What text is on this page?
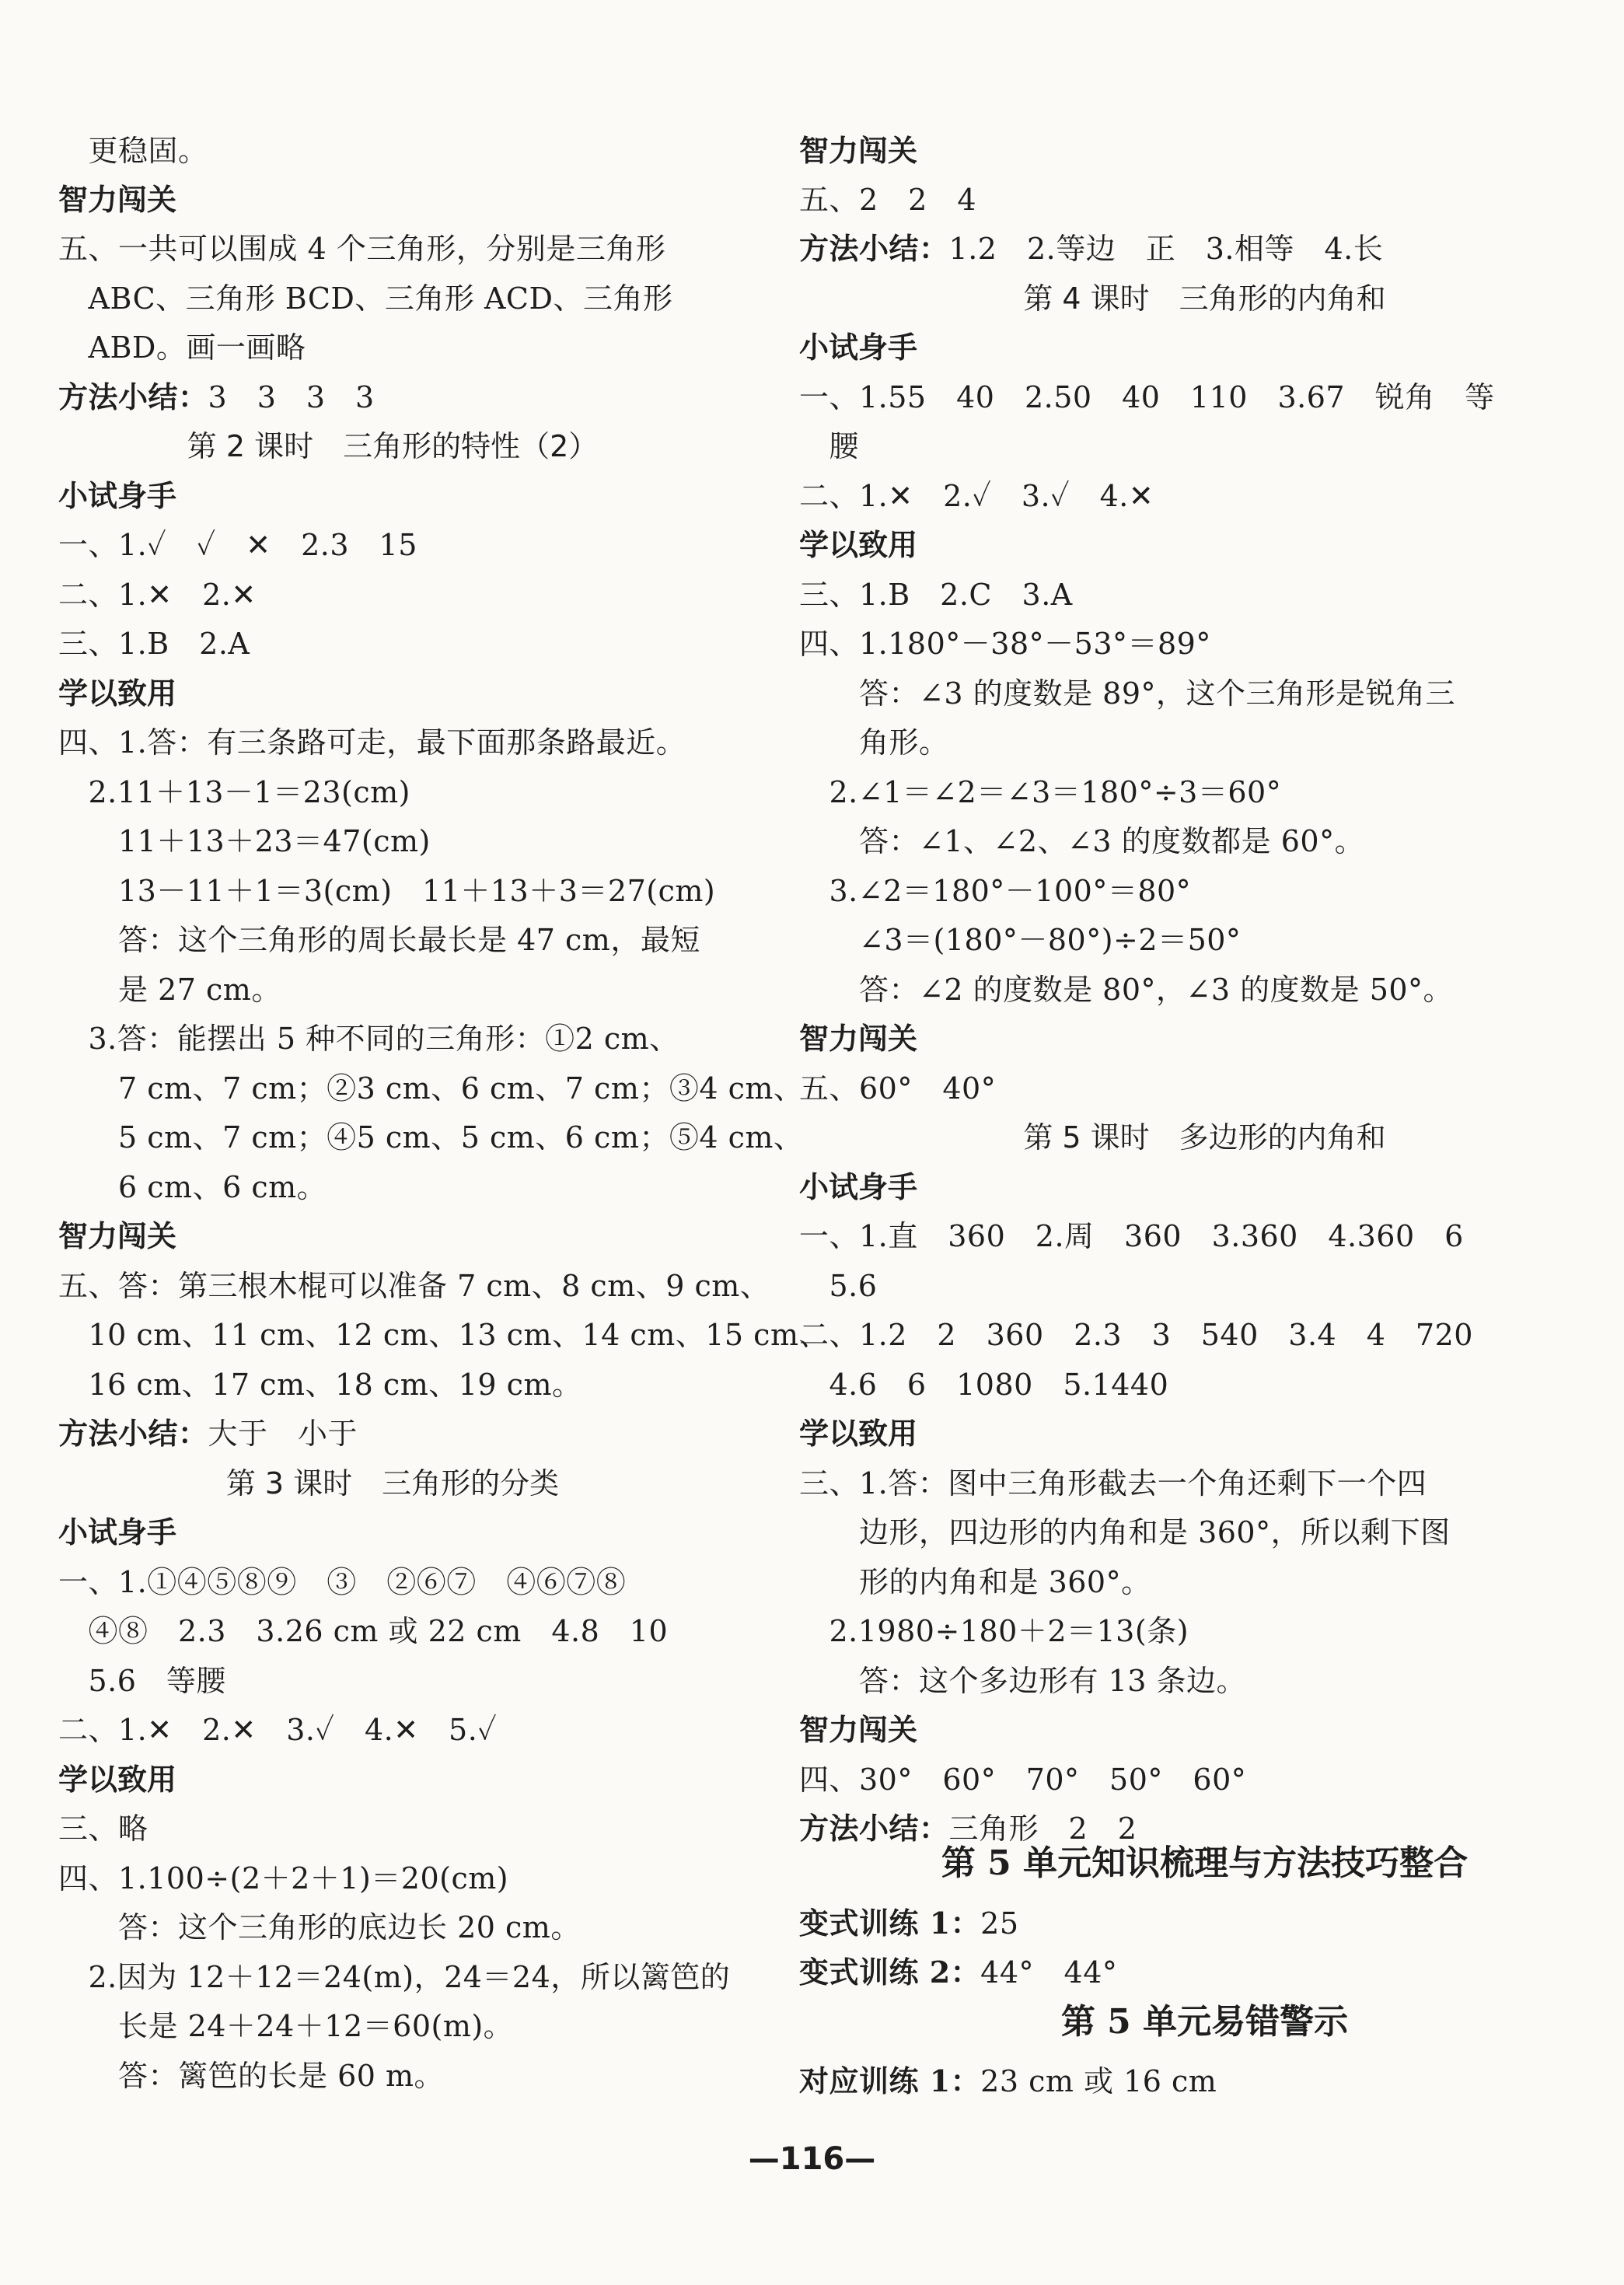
　更稳固。
智力闯关
五、一共可以围成 4 个三角形，分别是三角形
　ABC、三角形 BCD、三角形 ACD、三角形
　ABD。画一画略
方法小结：3　3　3　3
第 2 课时　三角形的特性（2）
小试身手
一、1.✓　✓　✕　2.3　15
二、1.✕　2.✕
三、1.B　2.A
学以致用
四、1.答：有三条路可走，最下面那条路最近。
　2.11＋13－1＝23(cm)
　　11＋13＋23＝47(cm)
　　13－11＋1＝3(cm)　11＋13＋3＝27(cm)
　　答：这个三角形的周长最长是 47 cm，最短
　　是 27 cm。
　3.答：能摆出 5 种不同的三角形：①2 cm、
　　7 cm、7 cm；②3 cm、6 cm、7 cm；③4 cm、
　　5 cm、7 cm；④5 cm、5 cm、6 cm；⑤4 cm、
　　6 cm、6 cm。
智力闯关
五、答：第三根木棍可以准备 7 cm、8 cm、9 cm、
　10 cm、11 cm、12 cm、13 cm、14 cm、15 cm、
　16 cm、17 cm、18 cm、19 cm。
方法小结：大于　小于
第 3 课时　三角形的分类
小试身手
一、1.①④⑤⑧⑨　③　②⑥⑦　④⑥⑦⑧
　④⑧　2.3　3.26 cm 或 22 cm　4.8　10
　5.6　等腰
二、1.✕　2.✕　3.✓　4.✕　5.✓
学以致用
三、略
四、1.100÷(2＋2＋1)＝20(cm)
　　答：这个三角形的底边长 20 cm。
　2.因为 12＋12＝24(m)，24＝24，所以篱笆的
　　长是 24＋24＋12＝60(m)。
　　答：篱笆的长是 60 m。
智力闯关
五、2　2　4
方法小结：1.2　2.等边　正　3.相等　4.长
第 4 课时　三角形的内角和
小试身手
一、1.55　40　2.50　40　110　3.67　锐角　等
　腰
二、1.✕　2.✓　3.✓　4.✕
学以致用
三、1.B　2.C　3.A
四、1.180°－38°－53°＝89°
　　答：∠3 的度数是 89°，这个三角形是锐角三
　　角形。
　2.∠1＝∠2＝∠3＝180°÷3＝60°
　　答：∠1、∠2、∠3 的度数都是 60°。
　3.∠2＝180°－100°＝80°
　　∠3＝(180°－80°)÷2＝50°
　　答：∠2 的度数是 80°，∠3 的度数是 50°。
智力闯关
五、60°　40°
第 5 课时　多边形的内角和
小试身手
一、1.直　360　2.周　360　3.360　4.360　6
　5.6
二、1.2　2　360　2.3　3　540　3.4　4　720
　4.6　6　1080　5.1440
学以致用
三、1.答：图中三角形截去一个角还剩下一个四
　　边形，四边形的内角和是 360°，所以剩下图
　　形的内角和是 360°。
　2.1980÷180＋2＝13(条)
　　答：这个多边形有 13 条边。
智力闯关
四、30°　60°　70°　50°　60°
方法小结：三角形　2　2
第 5 单元知识梳理与方法技巧整合
变式训练 1：25
变式训练 2：44°　44°
第 5 单元易错警示
对应训练 1：23 cm 或 16 cm
—116—
